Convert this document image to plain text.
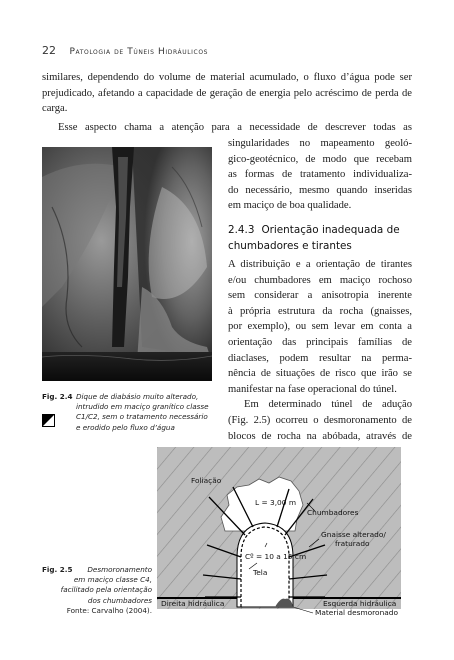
22 Patologia de Túneis Hidráulicos
similares, dependendo do volume de material acumulado, o fluxo d’água pode ser
prejudicado, afetando a capacidade de geração de energia pelo acréscimo de perda de
carga.
Esse aspecto chama a atenção para a necessidade de descrever todas as
singularidades no mapeamento geoló-
gico-geotécnico, de modo que recebam
as formas de tratamento individualiza-
do necessário, mesmo quando inseridas
em maciço de boa qualidade.
Fig. 2.4 Dique de diabásio muito alterado,
intrudido em maciço granítico classe
C1/C2, sem o tratamento necessário
e erodido pelo fluxo d’água
2.4.3 Orientação inadequada de
chumbadores e tirantes
A distribuição e a orientação de tirantes
e/ou chumbadores em maciço rochoso
sem considerar a anisotropia inerente
à própria estrutura da rocha (gnaisses,
por exemplo), ou sem levar em conta a
orientação das principais famílias de
diaclases, podem resultar na perma-
nência de situações de risco que irão se
manifestar na fase operacional do túnel.
Em determinado túnel de adução
(Fig. 2.5) ocorreu o desmoronamento de
blocos de rocha na abóbada, através de
Fig. 2.5 Desmoronamento
em maciço classe C4,
facilitado pela orientação
dos chumbadores
Fonte: Carvalho (2004).
Foliação
L = 3,00 m
Chumbadores
Gnaisse alterado/
fraturado
Cº = 10 a 15 cm
Tela
Direita hidráulica	Esquerda hidráulica
Material desmoronado
